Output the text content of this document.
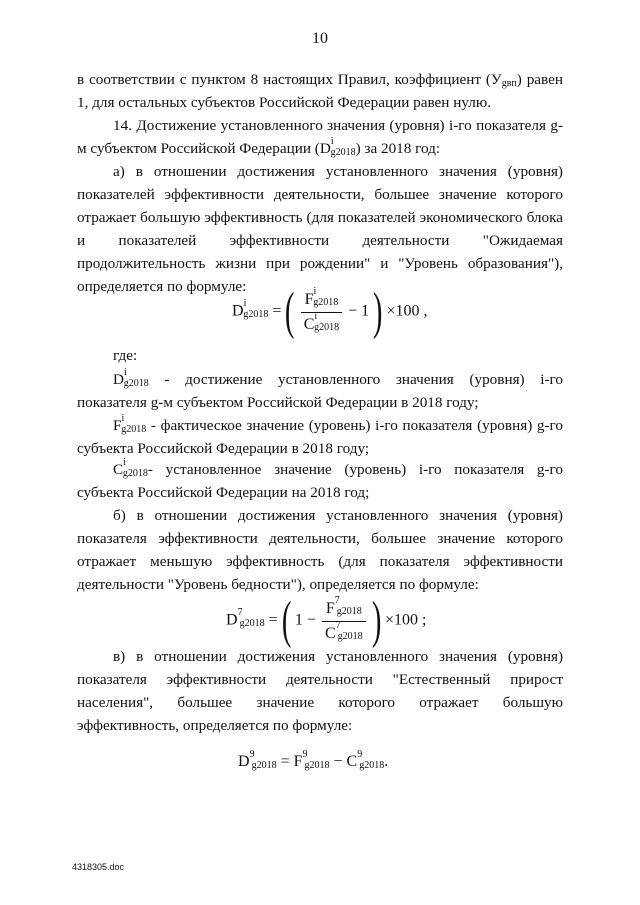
10

в соответствии с пунктом 8 настоящих Правил, коэффициент $(У_{gвп})$ равен 1, для остальных субъектов Российской Федерации равен нулю.

14. Достижение установленного значения (уровня) i-го показателя g-м субъектом Российской Федерации $(D^i_{g2018})$ за 2018 год:

а) в отношении достижения установленного значения (уровня) показателей эффективности деятельности, большее значение которого отражает большую эффективность (для показателей экономического блока и показателей эффективности деятельности "Ожидаемая продолжительность жизни при рождении" и "Уровень образования"), определяется по формуле:

$D^i_{g2018}$ = ( $\frac{F^i_{g2018}}{C^i_{g2018}} - 1$ ) ×100 ,

где:

$D^i_{g2018}$ - достижение установленного значения (уровня) i-го показателя g-м субъектом Российской Федерации в 2018 году;

$F^i_{g2018}$ - фактическое значение (уровень) i-го показателя (уровня) g-го субъекта Российской Федерации в 2018 году;

$C^i_{g2018}-$ установленное значение (уровень) i-го показателя g-го субъекта Российской Федерации на 2018 год;

б) в отношении достижения установленного значения (уровня) показателя эффективности деятельности, большее значение которого отражает меньшую эффективность (для показателя эффективности деятельности "Уровень бедности"), определяется по формуле:

$D^7_{g2018}$ = ( $1 - \frac{F^7_{g2018}}{C^7_{g2018}}$ ) ×100 ;

в) в отношении достижения установленного значения (уровня) показателя эффективности деятельности "Естественный прирост населения", большее значение которого отражает большую эффективность, определяется по формуле:

$D^9_{g2018} = F^9_{g2018} - C^9_{g2018}$.
4318305.doc
